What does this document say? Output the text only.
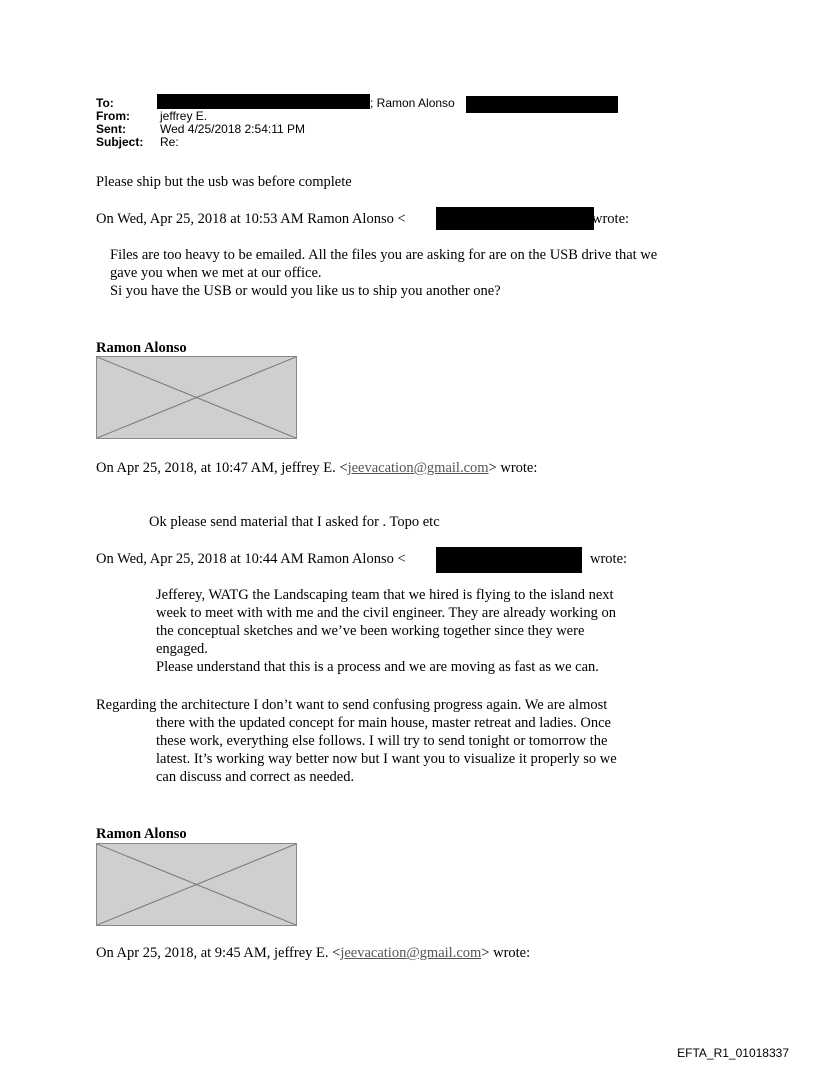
To:	; Ramon Alonso
From:	jeffrey E.
Sent:	Wed 4/25/2018 2:54:11 PM
Subject: Re:
Please ship but the usb was before complete
On Wed, Apr 25, 2018 at 10:53 AM Ramon Alonso <	wrote:
Files are too heavy to be emailed. All the files you are asking for are on the USB drive that we
gave you when we met at our office.
Si you have the USB or would you like us to ship you another one?
Ramon Alonso
On Apr 25, 2018, at 10:47 AM, jeffrey E. <jeevacation@gmail.com> wrote:
Ok please send material that I asked for . Topo etc
On Wed, Apr 25, 2018 at 10:44 AM Ramon Alonso <	wrote:
Jefferey, WATG the Landscaping team that we hired is flying to the island next
week to meet with with me and the civil engineer. They are already working on
the conceptual sketches and we’ve been working together since they were
engaged.
Please understand that this is a process and we are moving as fast as we can.
Regarding the architecture I don’t want to send confusing progress again. We are almost
there with the updated concept for main house, master retreat and ladies. Once
these work, everything else follows. I will try to send tonight or tomorrow the
latest. It’s working way better now but I want you to visualize it properly so we
can discuss and correct as needed.
Ramon Alonso
On Apr 25, 2018, at 9:45 AM, jeffrey E. <jeevacation@gmail.com> wrote:
EFTA_R1_01018337
